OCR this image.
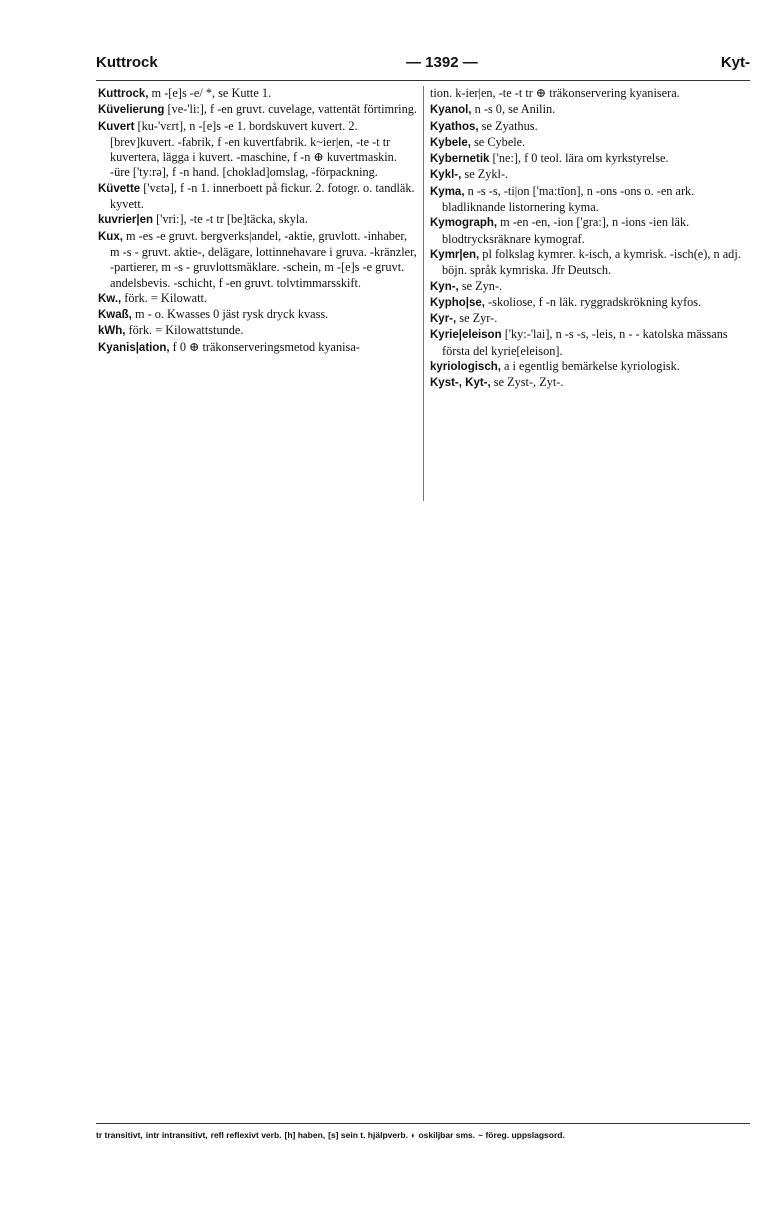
Kuttrock	— 1392 —	Kyt-

Kuttrock, m -[e]s -e/ *, se Kutte 1.

Küvelierung [ve-'li:], f -en gruvt. cuvelage, vattentät förtimring.

Kuvert [ku-'vɛrt], n -[e]s -e 1. bordskuvert kuvert. 2. [brev]kuvert. -fabrik, f -en kuvertfabrik. k~ier|en, -te -t tr kuvertera, lägga i kuvert. -maschine, f -n ⊕ kuvertmaskin. -üre ['ty:rə], f -n hand. [choklad]omslag, -förpackning.

Küvette ['vɛtə], f -n 1. innerboett på fickur. 2. fotogr. o. tandläk. kyvett.

kuvrier|en ['vri:], -te -t tr [be]täcka, skyla.

Kux, m -es -e gruvt. bergverks|andel, -aktie, gruvlott. -inhaber, m -s - gruvt. aktie-, delägare, lottinnehavare i gruva. -kränzler, -partierer, m -s - gruvlottsmäklare. -schein, m -[e]s -e gruvt. andelsbevis. -schicht, f -en gruvt. tolvtimmarsskift.

Kw., förk. = Kilowatt.

Kwaß, m - o. Kwasses 0 jäst rysk dryck kvass.

kWh, förk. = Kilowattstunde.

Kyanis|ation, f 0 ⊕ träkonserveringsmetod kyanisa-

tion. k-ier|en, -te -t tr ⊕ träkonservering kyanisera.

Kyanol, n -s 0, se Anilin.

Kyathos, se Zyathus.

Kybele, se Cybele.

Kybernetik ['ne:], f 0 teol. lära om kyrkstyrelse.

Kykl-, se Zykl-.

Kyma, n -s -s, -ti|on ['ma:tĭon], n -ons -ons o. -en ark. bladliknande listornering kyma.

Kymograph, m -en -en, -ion ['gra:], n -ions -ien läk. blodtrycksräknare kymograf.

Kymr|en, pl folkslag kymrer. k-isch, a kymrisk. -isch(e), n adj. böjn. språk kymriska. Jfr Deutsch.

Kyn-, se Zyn-.

Kypho|se, -skoliose, f -n läk. ryggradskrökning kyfos.

Kyr-, se Zyr-.

Kyrie|eleison ['ky:-'lai], n -s -s, -leis, n - - katolska mässans första del kyrie[eleison].

kyriologisch, a i egentlig bemärkelse kyriologisk.

Kyst-, Kyt-, se Zyst-, Zyt-.

tr transitivt, intr intransitivt, refl reflexivt verb. [h] haben, [s] sein t. hjälpverb. ◐ oskiljbar sms. ~ föreg. uppslagsord.
